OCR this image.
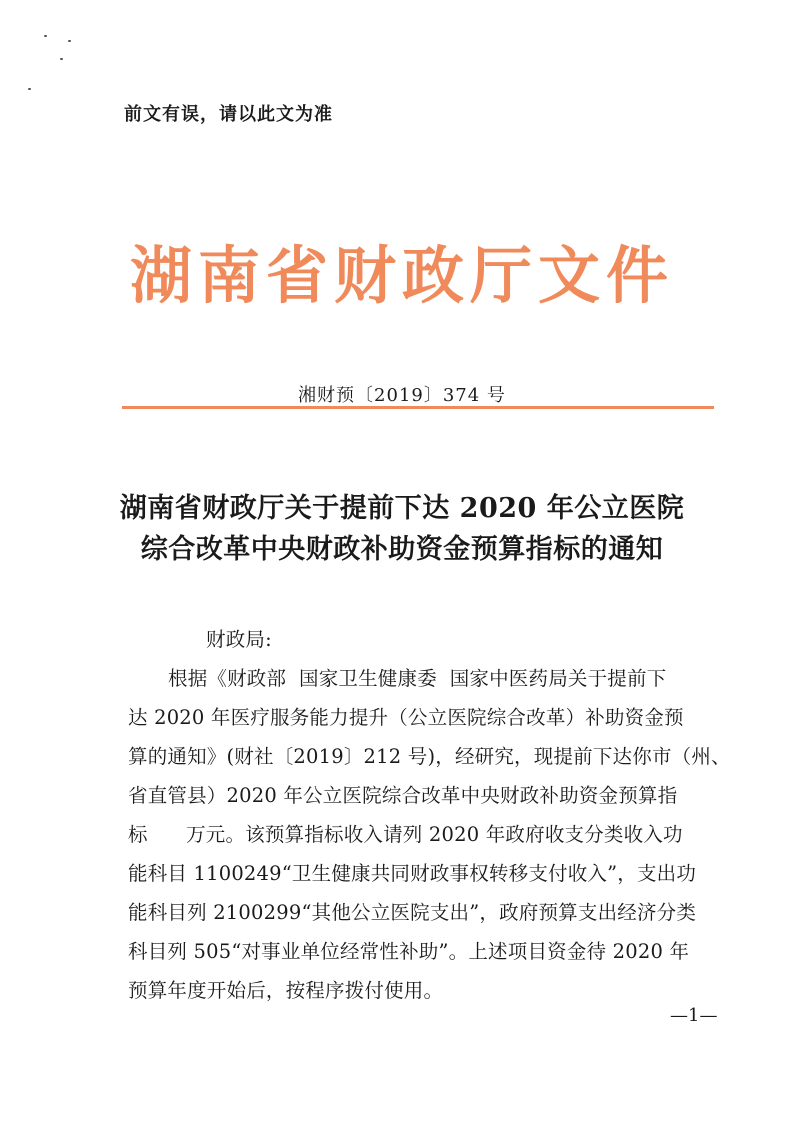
前文有误，请以此文为准
湖南省财政厅文件
湘财预〔2019〕374 号
湖南省财政厅关于提前下达 2020 年公立医院
综合改革中央财政补助资金预算指标的通知
财政局:
根据《财政部  国家卫生健康委  国家中医药局关于提前下
达 2020 年医疗服务能力提升（公立医院综合改革）补助资金预
算的通知》(财社〔2019〕212 号)，经研究，现提前下达你市（州、
省直管县）2020 年公立医院综合改革中央财政补助资金预算指
标      万元。该预算指标收入请列 2020 年政府收支分类收入功
能科目 1100249“卫生健康共同财政事权转移支付收入”，支出功
能科目列 2100299“其他公立医院支出”，政府预算支出经济分类
科目列 505“对事业单位经常性补助”。上述项目资金待 2020 年
预算年度开始后，按程序拨付使用。
—1—
